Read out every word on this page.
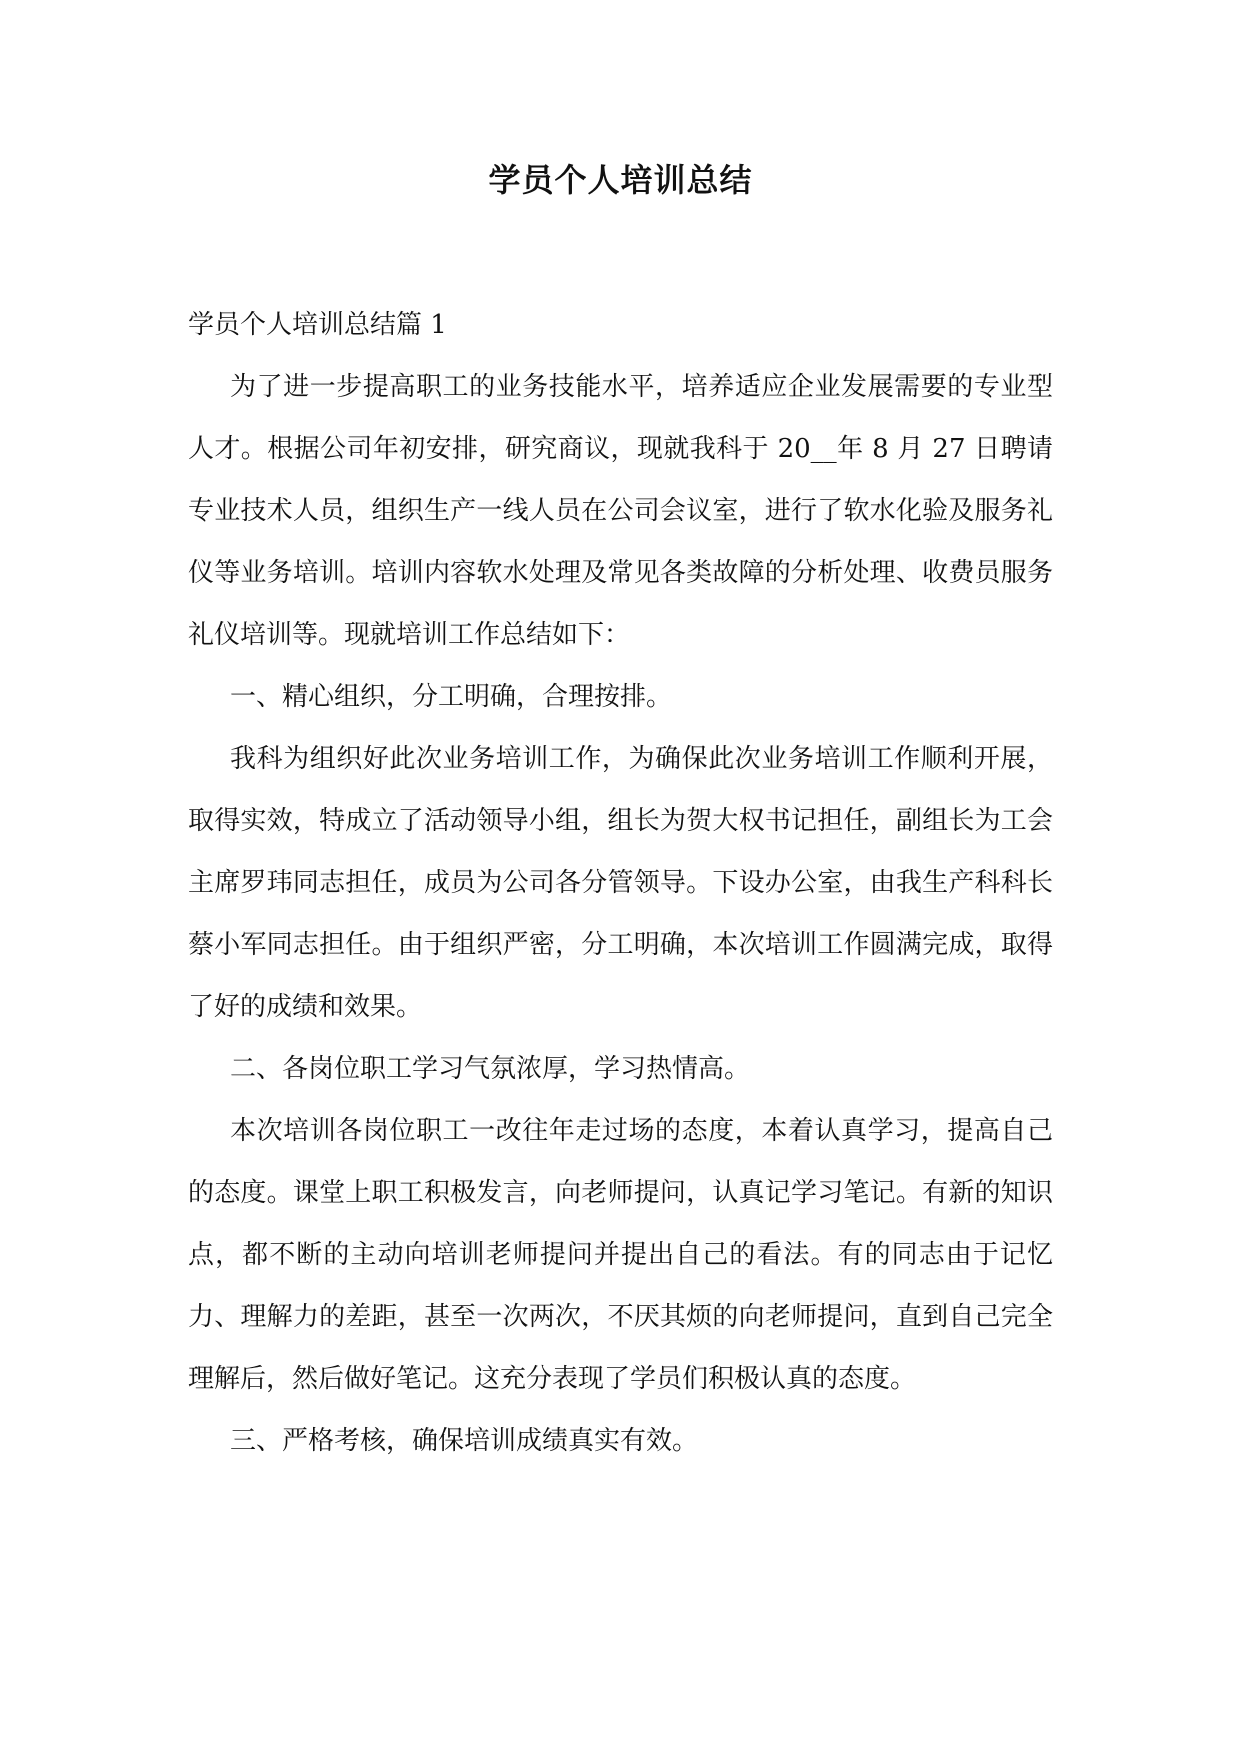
学员个人培训总结

学员个人培训总结篇 1

为了进一步提高职工的业务技能水平，培养适应企业发展需要的专业型人才。根据公司年初安排，研究商议，现就我科于 20__年 8 月 27 日聘请专业技术人员，组织生产一线人员在公司会议室，进行了软水化验及服务礼仪等业务培训。培训内容软水处理及常见各类故障的分析处理、收费员服务礼仪培训等。现就培训工作总结如下：

一、精心组织，分工明确，合理按排。

我科为组织好此次业务培训工作，为确保此次业务培训工作顺利开展，取得实效，特成立了活动领导小组，组长为贺大权书记担任，副组长为工会主席罗玮同志担任，成员为公司各分管领导。下设办公室，由我生产科科长蔡小军同志担任。由于组织严密，分工明确，本次培训工作圆满完成，取得了好的成绩和效果。

二、各岗位职工学习气氛浓厚，学习热情高。

本次培训各岗位职工一改往年走过场的态度，本着认真学习，提高自己的态度。课堂上职工积极发言，向老师提问，认真记学习笔记。有新的知识点，都不断的主动向培训老师提问并提出自己的看法。有的同志由于记忆力、理解力的差距，甚至一次两次，不厌其烦的向老师提问，直到自己完全理解后，然后做好笔记。这充分表现了学员们积极认真的态度。

三、严格考核，确保培训成绩真实有效。
